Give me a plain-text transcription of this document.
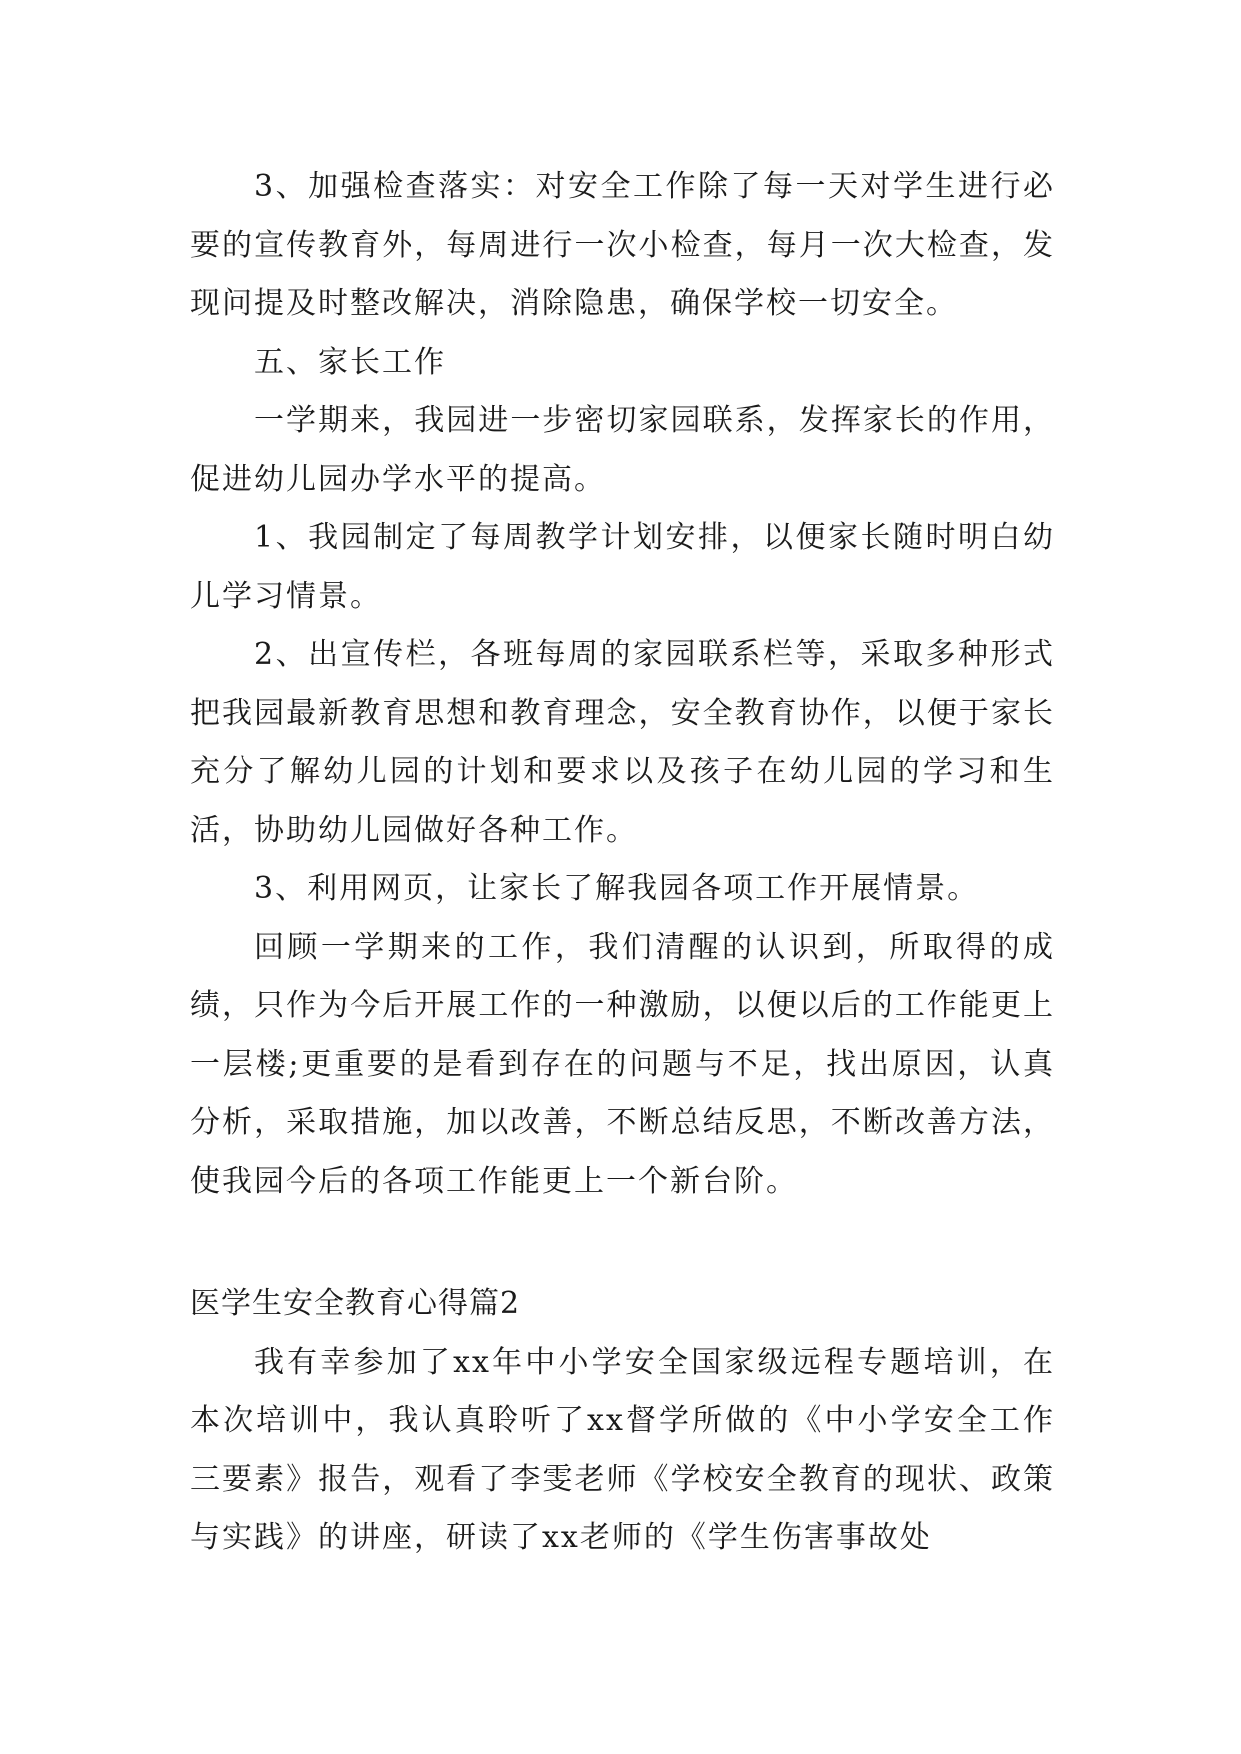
3、加强检查落实：对安全工作除了每一天对学生进行必要的宣传教育外，每周进行一次小检查，每月一次大检查，发现问提及时整改解决，消除隐患，确保学校一切安全。

五、家长工作

一学期来，我园进一步密切家园联系，发挥家长的作用，促进幼儿园办学水平的提高。

1、我园制定了每周教学计划安排，以便家长随时明白幼儿学习情景。

2、出宣传栏，各班每周的家园联系栏等，采取多种形式把我园最新教育思想和教育理念，安全教育协作，以便于家长充分了解幼儿园的计划和要求以及孩子在幼儿园的学习和生活，协助幼儿园做好各种工作。

3、利用网页，让家长了解我园各项工作开展情景。

回顾一学期来的工作，我们清醒的认识到，所取得的成绩，只作为今后开展工作的一种激励，以便以后的工作能更上一层楼;更重要的是看到存在的问题与不足，找出原因，认真分析，采取措施，加以改善，不断总结反思，不断改善方法，使我园今后的各项工作能更上一个新台阶。

医学生安全教育心得篇2

我有幸参加了xx年中小学安全国家级远程专题培训，在本次培训中，我认真聆听了xx督学所做的《中小学安全工作三要素》报告，观看了李雯老师《学校安全教育的现状、政策与实践》的讲座，研读了xx老师的《学生伤害事故处
